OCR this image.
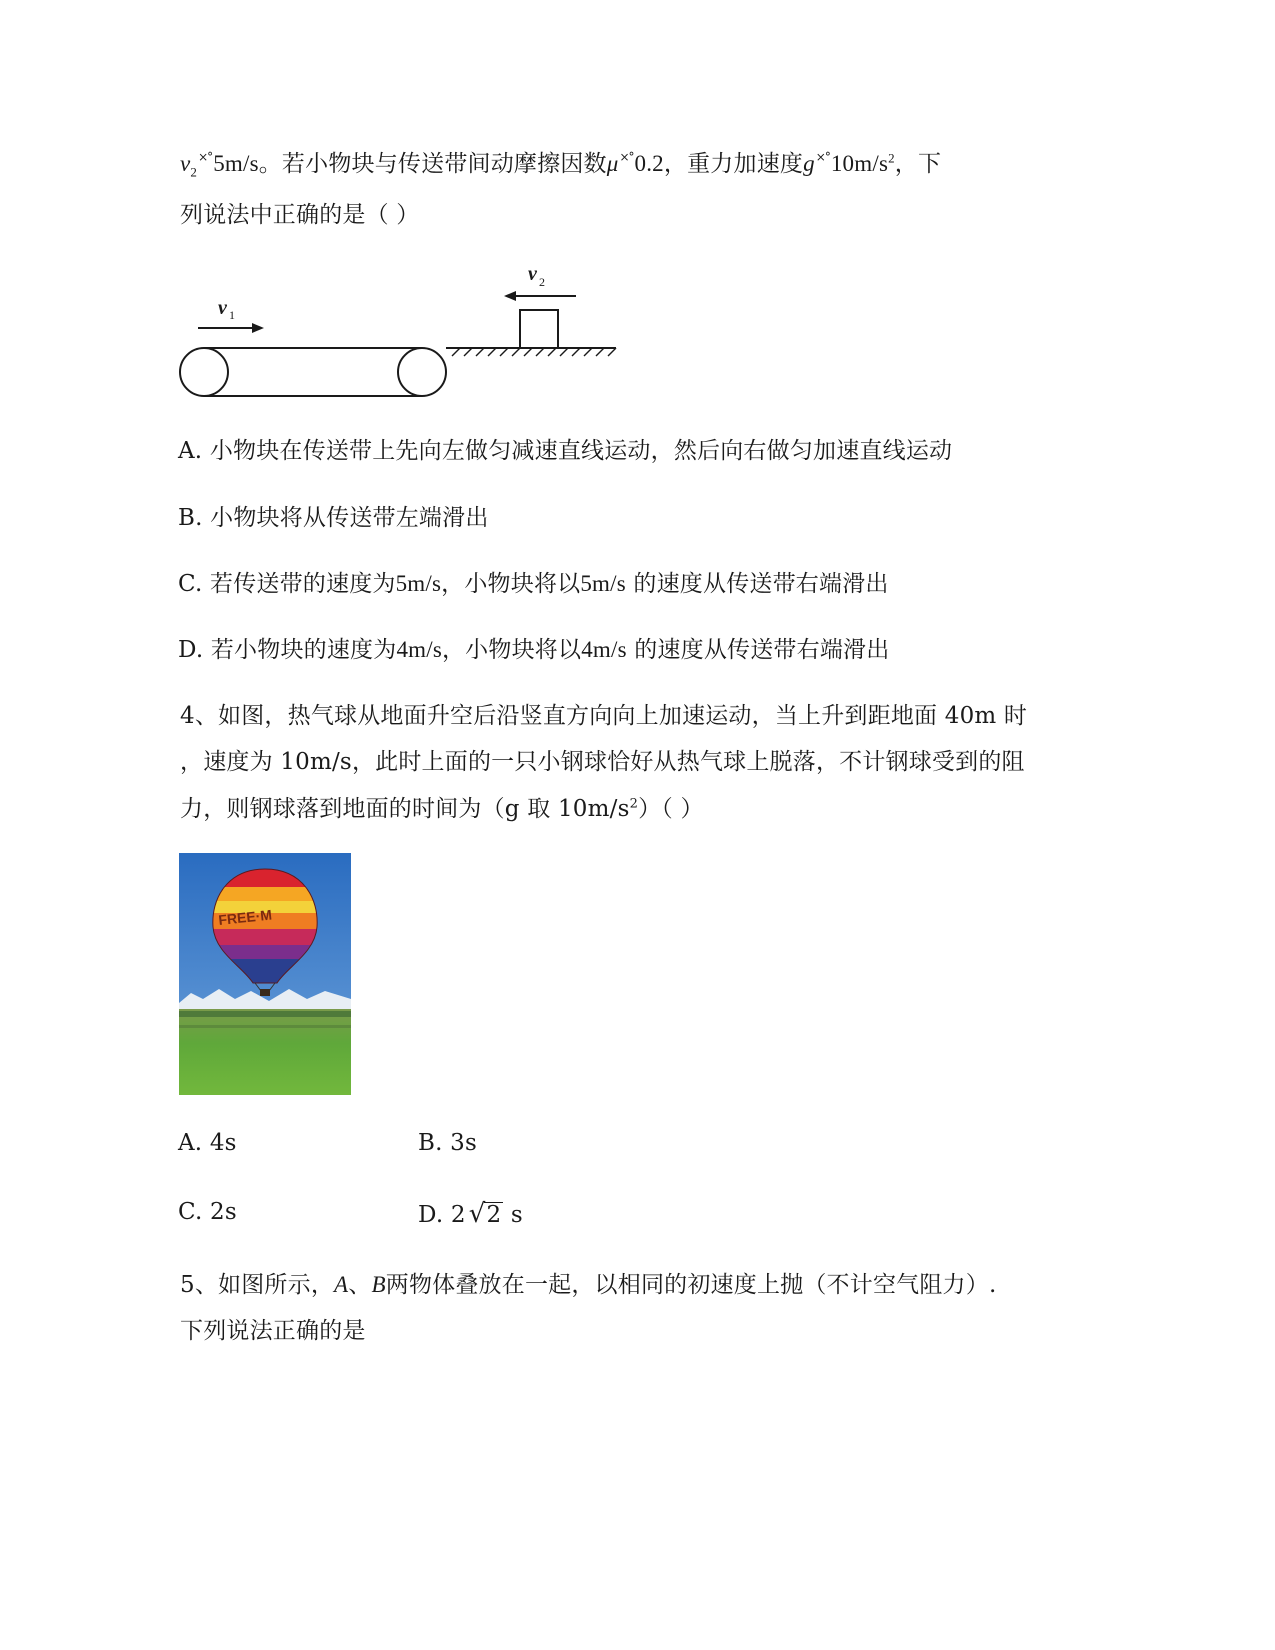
$v_2^{\times^\circ}5m/s$。若小物块与传送带间动摩擦因数μ×°0.2，重力加速度$g^{\times^\circ}10m/s^2$，下
列说法中正确的是（ ）
v 1
v 2
A. 小物块在传送带上先向左做匀减速直线运动，然后向右做匀加速直线运动
B. 小物块将从传送带左端滑出
C. 若传送带的速度为5m/s，小物块将以5m/s 的速度从传送带右端滑出
D. 若小物块的速度为4m/s，小物块将以4m/s 的速度从传送带右端滑出
4、如图，热气球从地面升空后沿竖直方向向上加速运动，当上升到距地面 40m 时
，速度为 10m/s，此时上面的一只小钢球恰好从热气球上脱落，不计钢球受到的阻
力，则钢球落到地面的时间为（g 取 $10m/s^2$）（ ）
FREE·M
A. 4s	B. 3s
C. 2s	D. 2 √2 s
5、如图所示，A、B两物体叠放在一起，以相同的初速度上抛（不计空气阻力）.
下列说法正确的是
